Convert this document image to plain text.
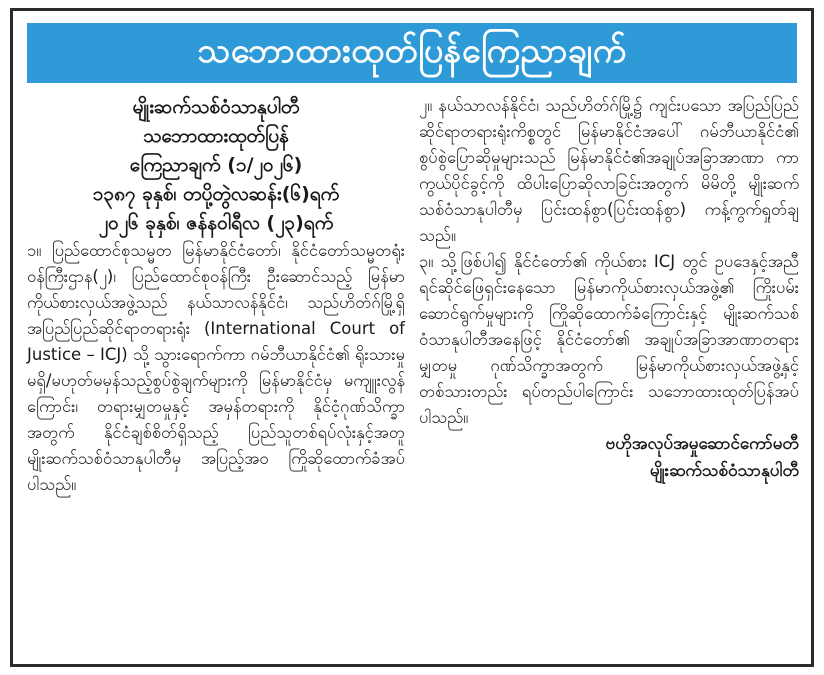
သဘောထားထုတ်ပြန်ကြေညာချက်
မျိုးဆက်သစ်ဝံသာနုပါတီ
သဘောထားထုတ်ပြန်
ကြေညာချက် (၁/၂၀၂၆)
၁၃၈၇ ခုနှစ်၊ တပို့တွဲလဆန်း(၆)ရက်
၂၀၂၆ ခုနှစ်၊ ဇန်နဝါရီလ (၂၃)ရက်

၁။ ပြည်ထောင်စုသမ္မတ မြန်မာနိုင်ငံတော်၊ နိုင်ငံတော်သမ္မတရုံးဝန်ကြီးဌာန(၂)၊ ပြည်ထောင်စုဝန်ကြီး ဦးဆောင်သည့် မြန်မာကိုယ်စားလှယ်အဖွဲ့သည် နယ်သာလန်နိုင်ငံ၊ သည်ဟိတ်ဂ်မြို့ရှိ အပြည်ပြည်ဆိုင်ရာတရားရုံး (International Court of Justice – ICJ) သို့ သွားရောက်ကာ ဂမ်ဘီယာနိုင်ငံ၏ ရိုးသားမှုမရှိ/မဟုတ်မမှန်သည့်စွပ်စွဲချက်များကို မြန်မာနိုင်ငံမှ မကျူးလွန်ကြောင်း၊ တရားမျှတမှုနှင့် အမှန်တရားကို နိုင်ငံ့ဂုဏ်သိက္ခာအတွက် နိုင်ငံချစ်စိတ်ရှိသည့် ပြည်သူတစ်ရပ်လုံးနှင့်အတူ မျိုးဆက်သစ်ဝံသာနုပါတီမှ အပြည့်အဝ ကြိုဆိုထောက်ခံအပ်ပါသည်။

၂။ နယ်သာလန်နိုင်ငံ၊ သည်ဟိတ်ဂ်မြို့၌ ကျင်းပသော အပြည်ပြည်ဆိုင်ရာတရားရုံးကိစ္စတွင် မြန်မာနိုင်ငံအပေါ် ဂမ်ဘီယာနိုင်ငံ၏ စွပ်စွဲပြောဆိုမှုများသည် မြန်မာနိုင်ငံ၏အချုပ်အခြာအာဏာ ကာကွယ်ပိုင်ခွင့်ကို ထိပါးပြောဆိုလာခြင်းအတွက် မိမိတို့ မျိုးဆက်သစ်ဝံသာနုပါတီမှ ပြင်းထန်စွာ(ပြင်းထန်စွာ) ကန့်ကွက်ရှုတ်ချသည်။

၃။ သို့ဖြစ်ပါ၍ နိုင်ငံတော်၏ ကိုယ်စား ICJ တွင် ဥပဒေနှင့်အညီ ရင်ဆိုင်ဖြေရှင်းနေသော မြန်မာကိုယ်စားလှယ်အဖွဲ့၏ ကြိုးပမ်းဆောင်ရွက်မှုများကို ကြိုဆိုထောက်ခံကြောင်းနှင့် မျိုးဆက်သစ်ဝံသာနုပါတီအနေဖြင့် နိုင်ငံတော်၏ အချုပ်အခြာအာဏာတရားမျှတမှု ဂုဏ်သိက္ခာအတွက် မြန်မာကိုယ်စားလှယ်အဖွဲ့နှင့် တစ်သားတည်း ရပ်တည်ပါကြောင်း သဘောထားထုတ်ပြန်အပ်ပါသည်။

ဗဟိုအလုပ်အမှုဆောင်ကော်မတီ
မျိုးဆက်သစ်ဝံသာနုပါတီ
